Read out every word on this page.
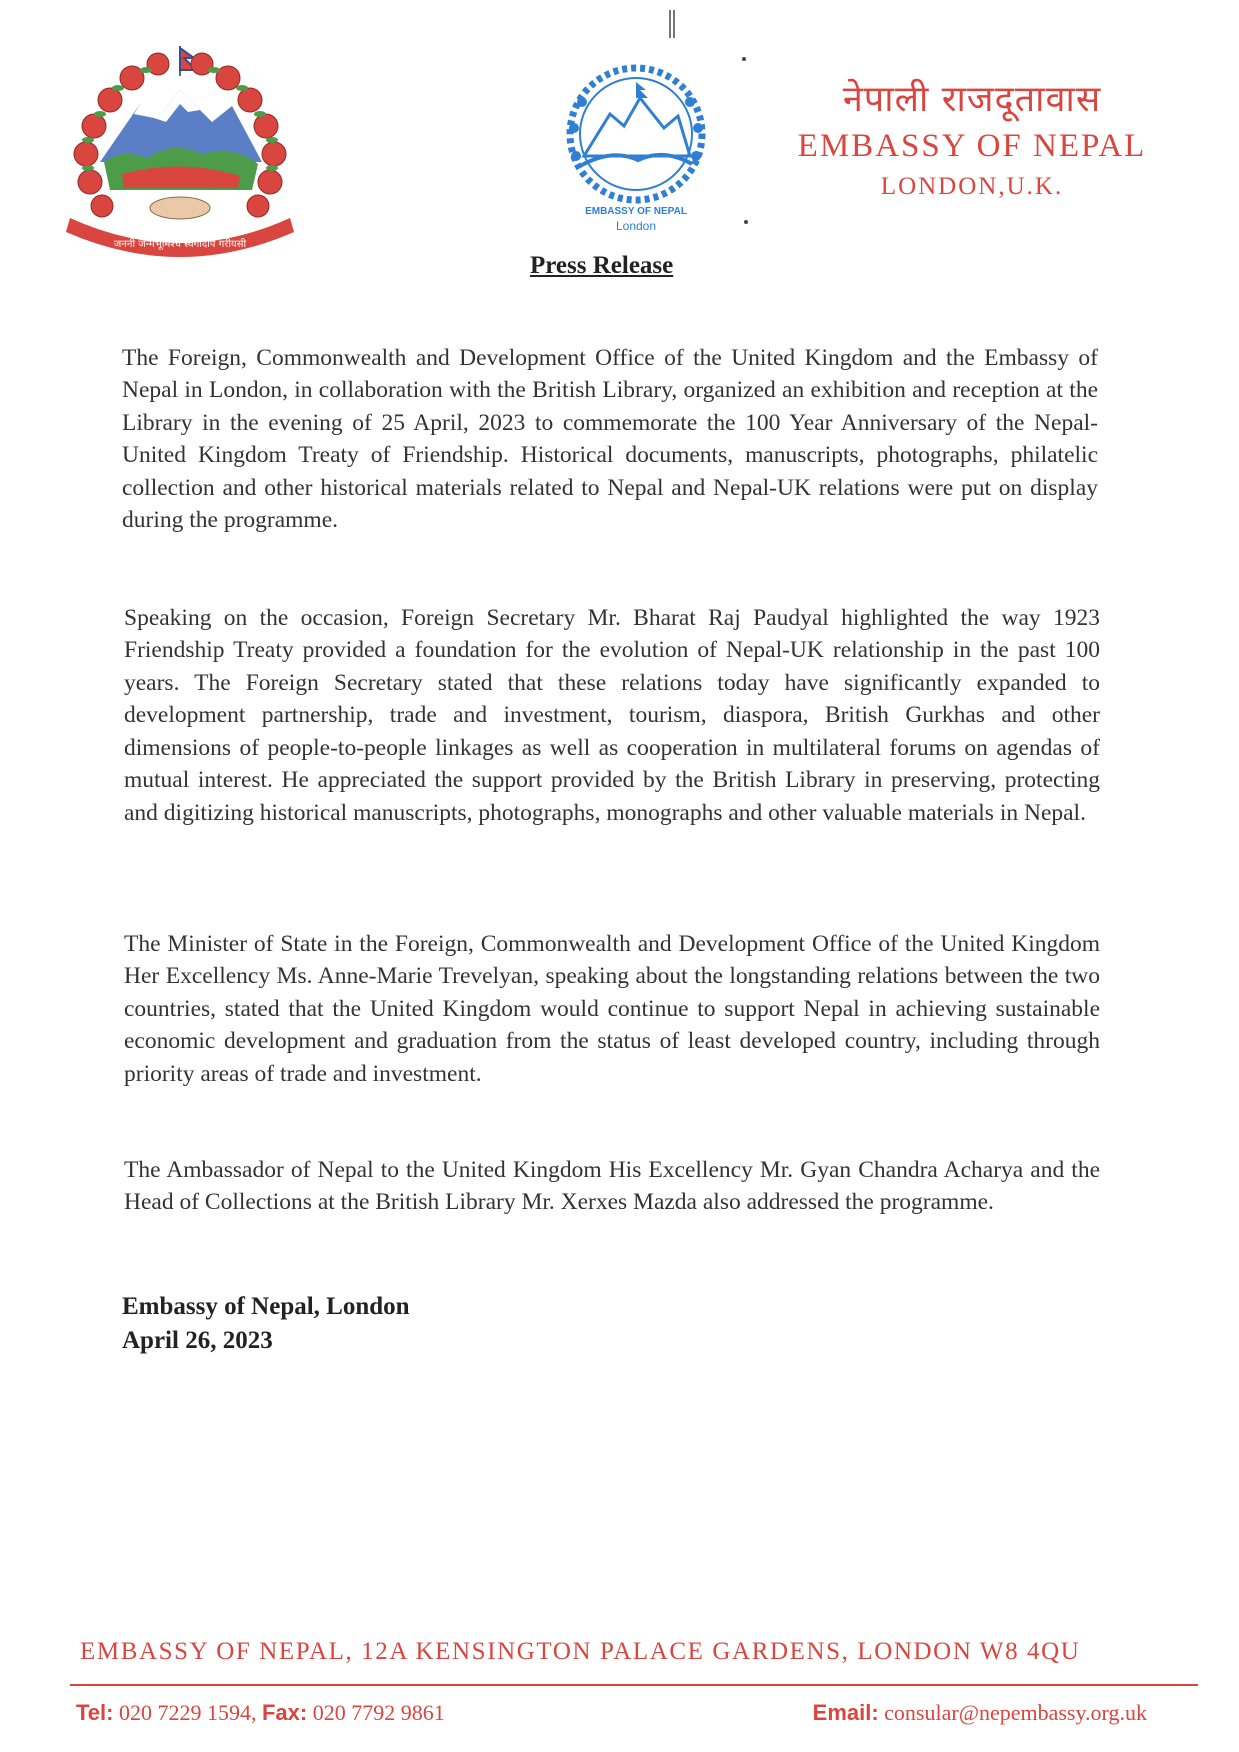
जननी जन्मभूमिश्च स्वर्गादपि गरीयसी
London
EMBASSY OF NEPAL
नेपाली राजदूतावास
EMBASSY OF NEPAL
LONDON,U.K.
Press Release

The Foreign, Commonwealth and Development Office of the United Kingdom and the Embassy of Nepal in London, in collaboration with the British Library, organized an exhibition and reception at the Library in the evening of 25 April, 2023 to commemorate the 100 Year Anniversary of the Nepal-United Kingdom Treaty of Friendship. Historical documents, manuscripts, photographs, philatelic collection and other historical materials related to Nepal and Nepal-UK relations were put on display during the programme.

Speaking on the occasion, Foreign Secretary Mr. Bharat Raj Paudyal highlighted the way 1923 Friendship Treaty provided a foundation for the evolution of Nepal-UK relationship in the past 100 years. The Foreign Secretary stated that these relations today have significantly expanded to development partnership, trade and investment, tourism, diaspora, British Gurkhas and other dimensions of people-to-people linkages as well as cooperation in multilateral forums on agendas of mutual interest. He appreciated the support provided by the British Library in preserving, protecting and digitizing historical manuscripts, photographs, monographs and other valuable materials in Nepal.

The Minister of State in the Foreign, Commonwealth and Development Office of the United Kingdom Her Excellency Ms. Anne-Marie Trevelyan, speaking about the longstanding relations between the two countries, stated that the United Kingdom would continue to support Nepal in achieving sustainable economic development and graduation from the status of least developed country, including through priority areas of trade and investment.

The Ambassador of Nepal to the United Kingdom His Excellency Mr. Gyan Chandra Acharya and the Head of Collections at the British Library Mr. Xerxes Mazda also addressed the programme.

Embassy of Nepal, London
April 26, 2023
EMBASSY OF NEPAL, 12A KENSINGTON PALACE GARDENS, LONDON W8 4QU
Tel: 020 7229 1594, Fax: 020 7792 9861	Email: consular@nepembassy.org.uk
